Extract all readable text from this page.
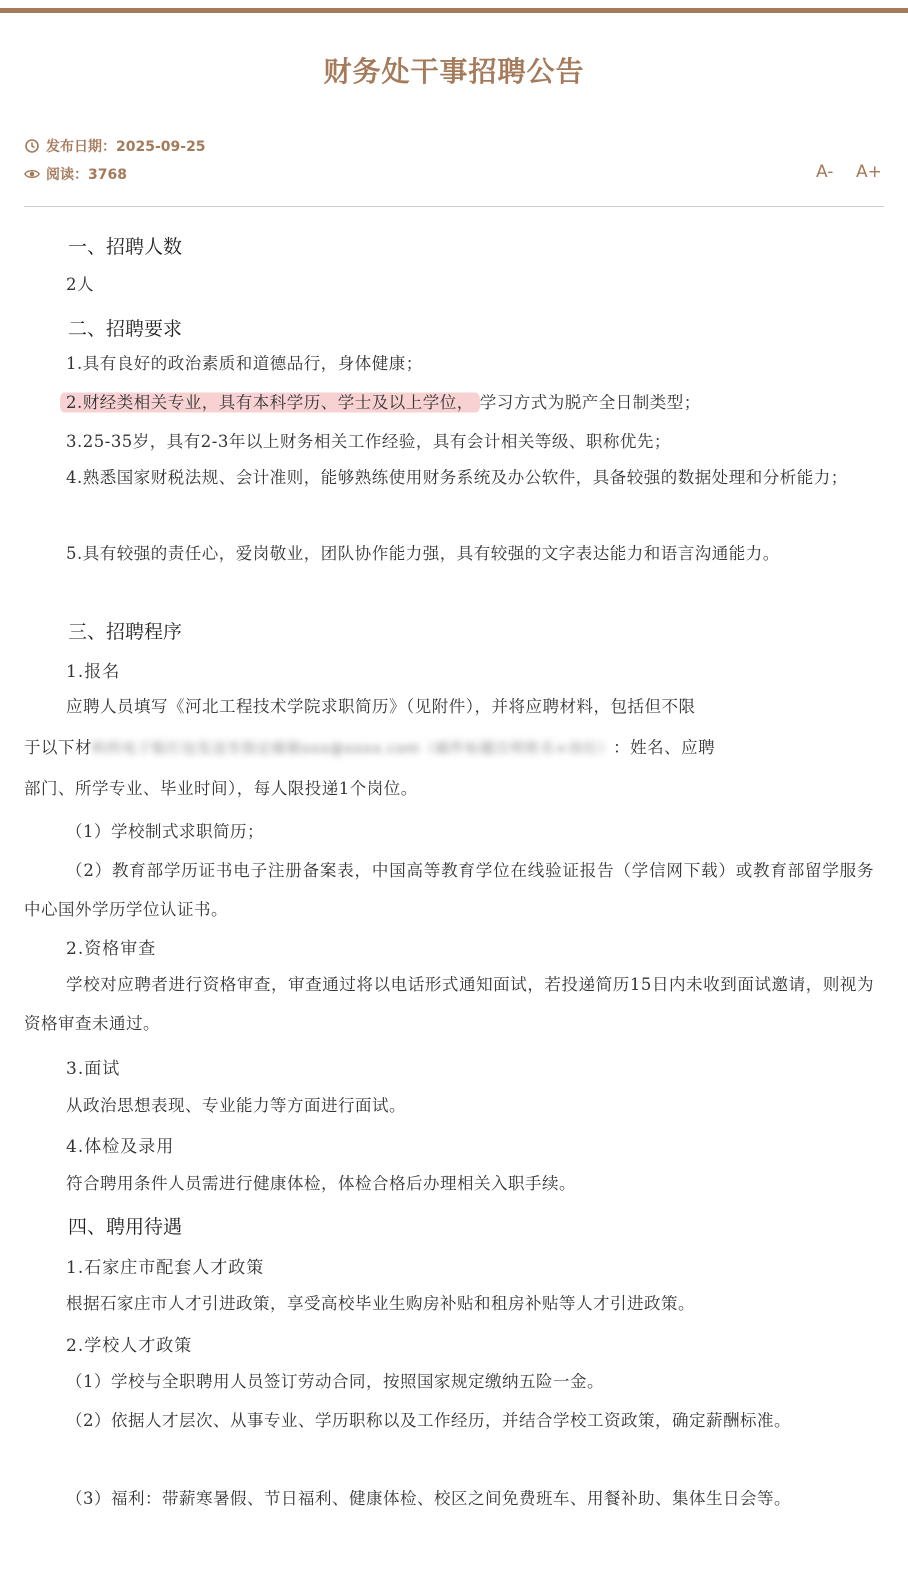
财务处干事招聘公告
发布日期：2025-09-25
阅读：3768	A- A+
一、招聘人数
2人
二、招聘要求
1.具有良好的政治素质和道德品行，身体健康；
2.财经类相关专业，具有本科学历、学士及以上学位， 学习方式为脱产全日制类型；
3.25-35岁，具有2-3年以上财务相关工作经验，具有会计相关等级、职称优先；
4.熟悉国家财税法规、会计准则，能够熟练使用财务系统及办公软件，具备较强的数据处理和分析能力；
5.具有较强的责任心，爱岗敬业，团队协作能力强，具有较强的文字表达能力和语言沟通能力。
三、招聘程序
1.报名
应聘人员填写《河北工程技术学院求职简历》（见附件），并将应聘材料，包括但不限
于以下材料的电子版打包发送至指定邮箱xxx@xxxx.com（邮件标题注明姓名+岗位）：姓名、应聘
部门、所学专业、毕业时间），每人限投递1个岗位。
（1）学校制式求职简历；
（2）教育部学历证书电子注册备案表，中国高等教育学位在线验证报告（学信网下载）或教育部留学服务中心国外学历学位认证书。
2.资格审查
学校对应聘者进行资格审查，审查通过将以电话形式通知面试，若投递简历15日内未收到面试邀请，则视为资格审查未通过。
3.面试
从政治思想表现、专业能力等方面进行面试。
4.体检及录用
符合聘用条件人员需进行健康体检，体检合格后办理相关入职手续。
四、聘用待遇
1.石家庄市配套人才政策
根据石家庄市人才引进政策，享受高校毕业生购房补贴和租房补贴等人才引进政策。
2.学校人才政策
（1）学校与全职聘用人员签订劳动合同，按照国家规定缴纳五险一金。
（2）依据人才层次、从事专业、学历职称以及工作经历，并结合学校工资政策，确定薪酬标准。
（3）福利：带薪寒暑假、节日福利、健康体检、校区之间免费班车、用餐补助、集体生日会等。
